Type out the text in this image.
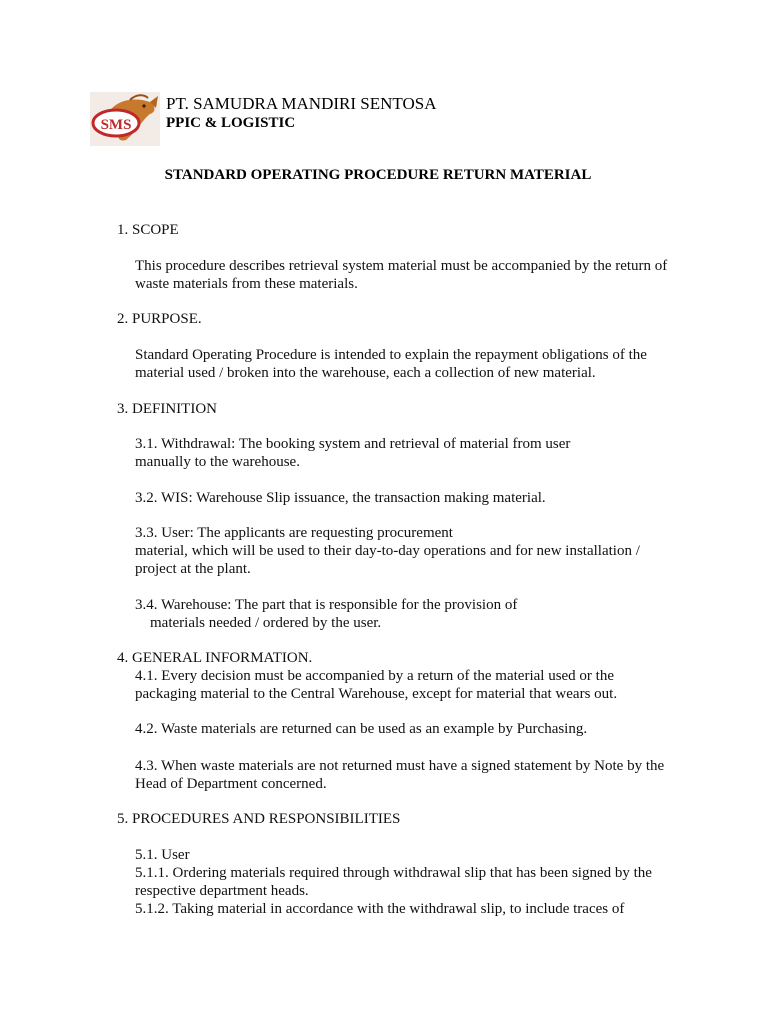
SMS
PT. SAMUDRA MANDIRI SENTOSA
PPIC & LOGISTIC
STANDARD OPERATING PROCEDURE RETURN MATERIAL
1. SCOPE
This procedure describes retrieval system material must be accompanied by the return of
waste materials from these materials.
2. PURPOSE.
Standard Operating Procedure is intended to explain the repayment obligations of the
material used / broken into the warehouse, each a collection of new material.
3. DEFINITION
3.1. Withdrawal: The booking system and retrieval of material from user
manually to the warehouse.
3.2. WIS: Warehouse Slip issuance, the transaction making material.
3.3. User: The applicants are requesting procurement
material, which will be used to their day-to-day operations and for new installation /
project at the plant.
3.4. Warehouse: The part that is responsible for the provision of
materials needed / ordered by the user.
4. GENERAL INFORMATION.
4.1. Every decision must be accompanied by a return of the material used or the
packaging material to the Central Warehouse, except for material that wears out.
4.2. Waste materials are returned can be used as an example by Purchasing.
4.3. When waste materials are not returned must have a signed statement by Note by the
Head of Department concerned.
5. PROCEDURES AND RESPONSIBILITIES
5.1. User
5.1.1. Ordering materials required through withdrawal slip that has been signed by the
respective department heads.
5.1.2. Taking material in accordance with the withdrawal slip, to include traces of
